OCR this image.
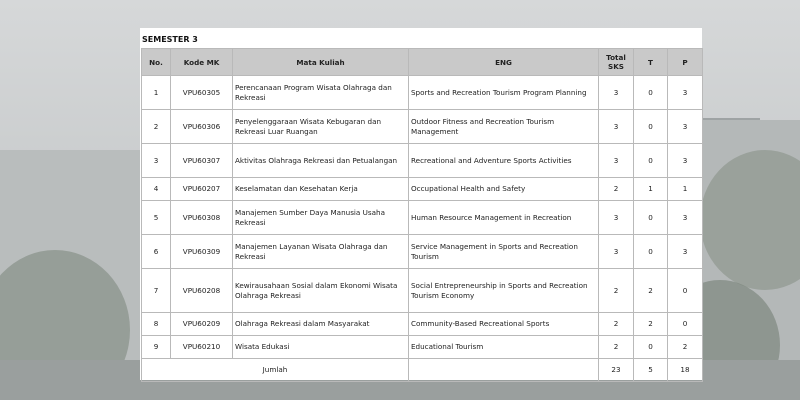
SEMESTER 3
No.	Kode MK	Mata Kuliah	ENG	Total SKS	T	P
1	VPU60305	Perencanaan Program Wisata Olahraga dan Rekreasi	Sports and Recreation Tourism Program Planning	3	0	3
2	VPU60306	Penyelenggaraan Wisata Kebugaran dan Rekreasi Luar Ruangan	Outdoor Fitness and Recreation Tourism Management	3	0	3
3	VPU60307	Aktivitas Olahraga Rekreasi dan Petualangan	Recreational and Adventure Sports Activities	3	0	3
4	VPU60207	Keselamatan dan Kesehatan Kerja	Occupational Health and Safety	2	1	1
5	VPU60308	Manajemen Sumber Daya Manusia Usaha Rekreasi	Human Resource Management in Recreation	3	0	3
6	VPU60309	Manajemen Layanan Wisata Olahraga dan Rekreasi	Service Management in Sports and Recreation Tourism	3	0	3
7	VPU60208	Kewirausahaan Sosial dalam Ekonomi Wisata Olahraga Rekreasi	Social Entrepreneurship in Sports and Recreation Tourism Economy	2	2	0
8	VPU60209	Olahraga Rekreasi dalam Masyarakat	Community-Based Recreational Sports	2	2	0
9	VPU60210	Wisata Edukasi	Educational Tourism	2	0	2
Jumlah				23	5	18
